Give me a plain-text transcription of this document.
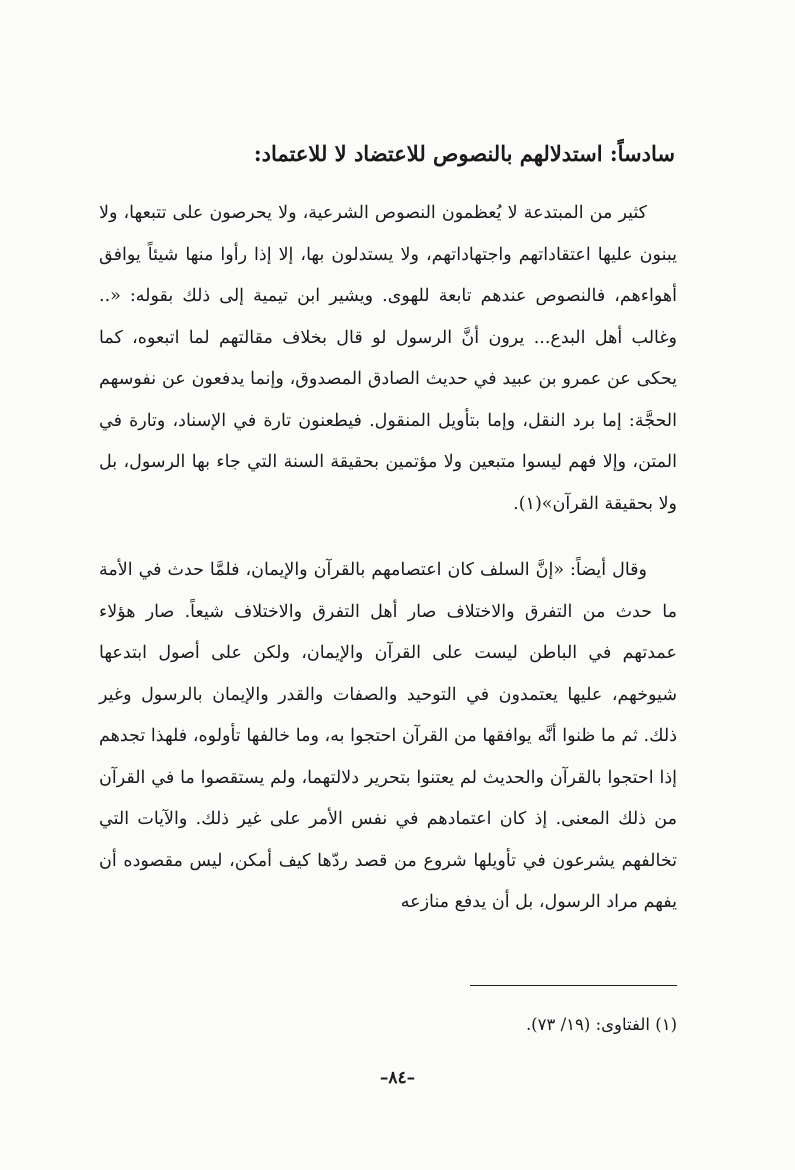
سادساً: استدلالهم بالنصوص للاعتضاد لا للاعتماد:
كثير من المبتدعة لا يُعظمون النصوص الشرعية، ولا يحرصون على تتبعها، ولا يبنون عليها اعتقاداتهم واجتهاداتهم، ولا يستدلون بها، إلا إذا رأوا منها شيئاً يوافق أهواءهم، فالنصوص عندهم تابعة للهوى. ويشير ابن تيمية إلى ذلك بقوله: «.. وغالب أهل البدع... يرون أنَّ الرسول لو قال بخلاف مقالتهم لما اتبعوه، كما يحكى عن عمرو بن عبيد في حديث الصادق المصدوق، وإنما يدفعون عن نفوسهم الحجَّة: إما برد النقل، وإما بتأويل المنقول. فيطعنون تارة في الإسناد، وتارة في المتن، وإلا فهم ليسوا متبعين ولا مؤتمين بحقيقة السنة التي جاء بها الرسول، بل ولا بحقيقة القرآن»(١).
وقال أيضاً: «إنَّ السلف كان اعتصامهم بالقرآن والإيمان، فلمَّا حدث في الأمة ما حدث من التفرق والاختلاف صار أهل التفرق والاختلاف شيعاً. صار هؤلاء عمدتهم في الباطن ليست على القرآن والإيمان، ولكن على أصول ابتدعها شيوخهم، عليها يعتمدون في التوحيد والصفات والقدر والإيمان بالرسول وغير ذلك. ثم ما ظنوا أنَّه يوافقها من القرآن احتجوا به، وما خالفها تأولوه، فلهذا تجدهم إذا احتجوا بالقرآن والحديث لم يعتنوا بتحرير دلالتهما، ولم يستقصوا ما في القرآن من ذلك المعنى. إذ كان اعتمادهم في نفس الأمر على غير ذلك. والآيات التي تخالفهم يشرعون في تأويلها شروع من قصد ردّها كيف أمكن، ليس مقصوده أن يفهم مراد الرسول، بل أن يدفع منازعه
(١) الفتاوى: (١٩/ ٧٣).
–٨٤–
